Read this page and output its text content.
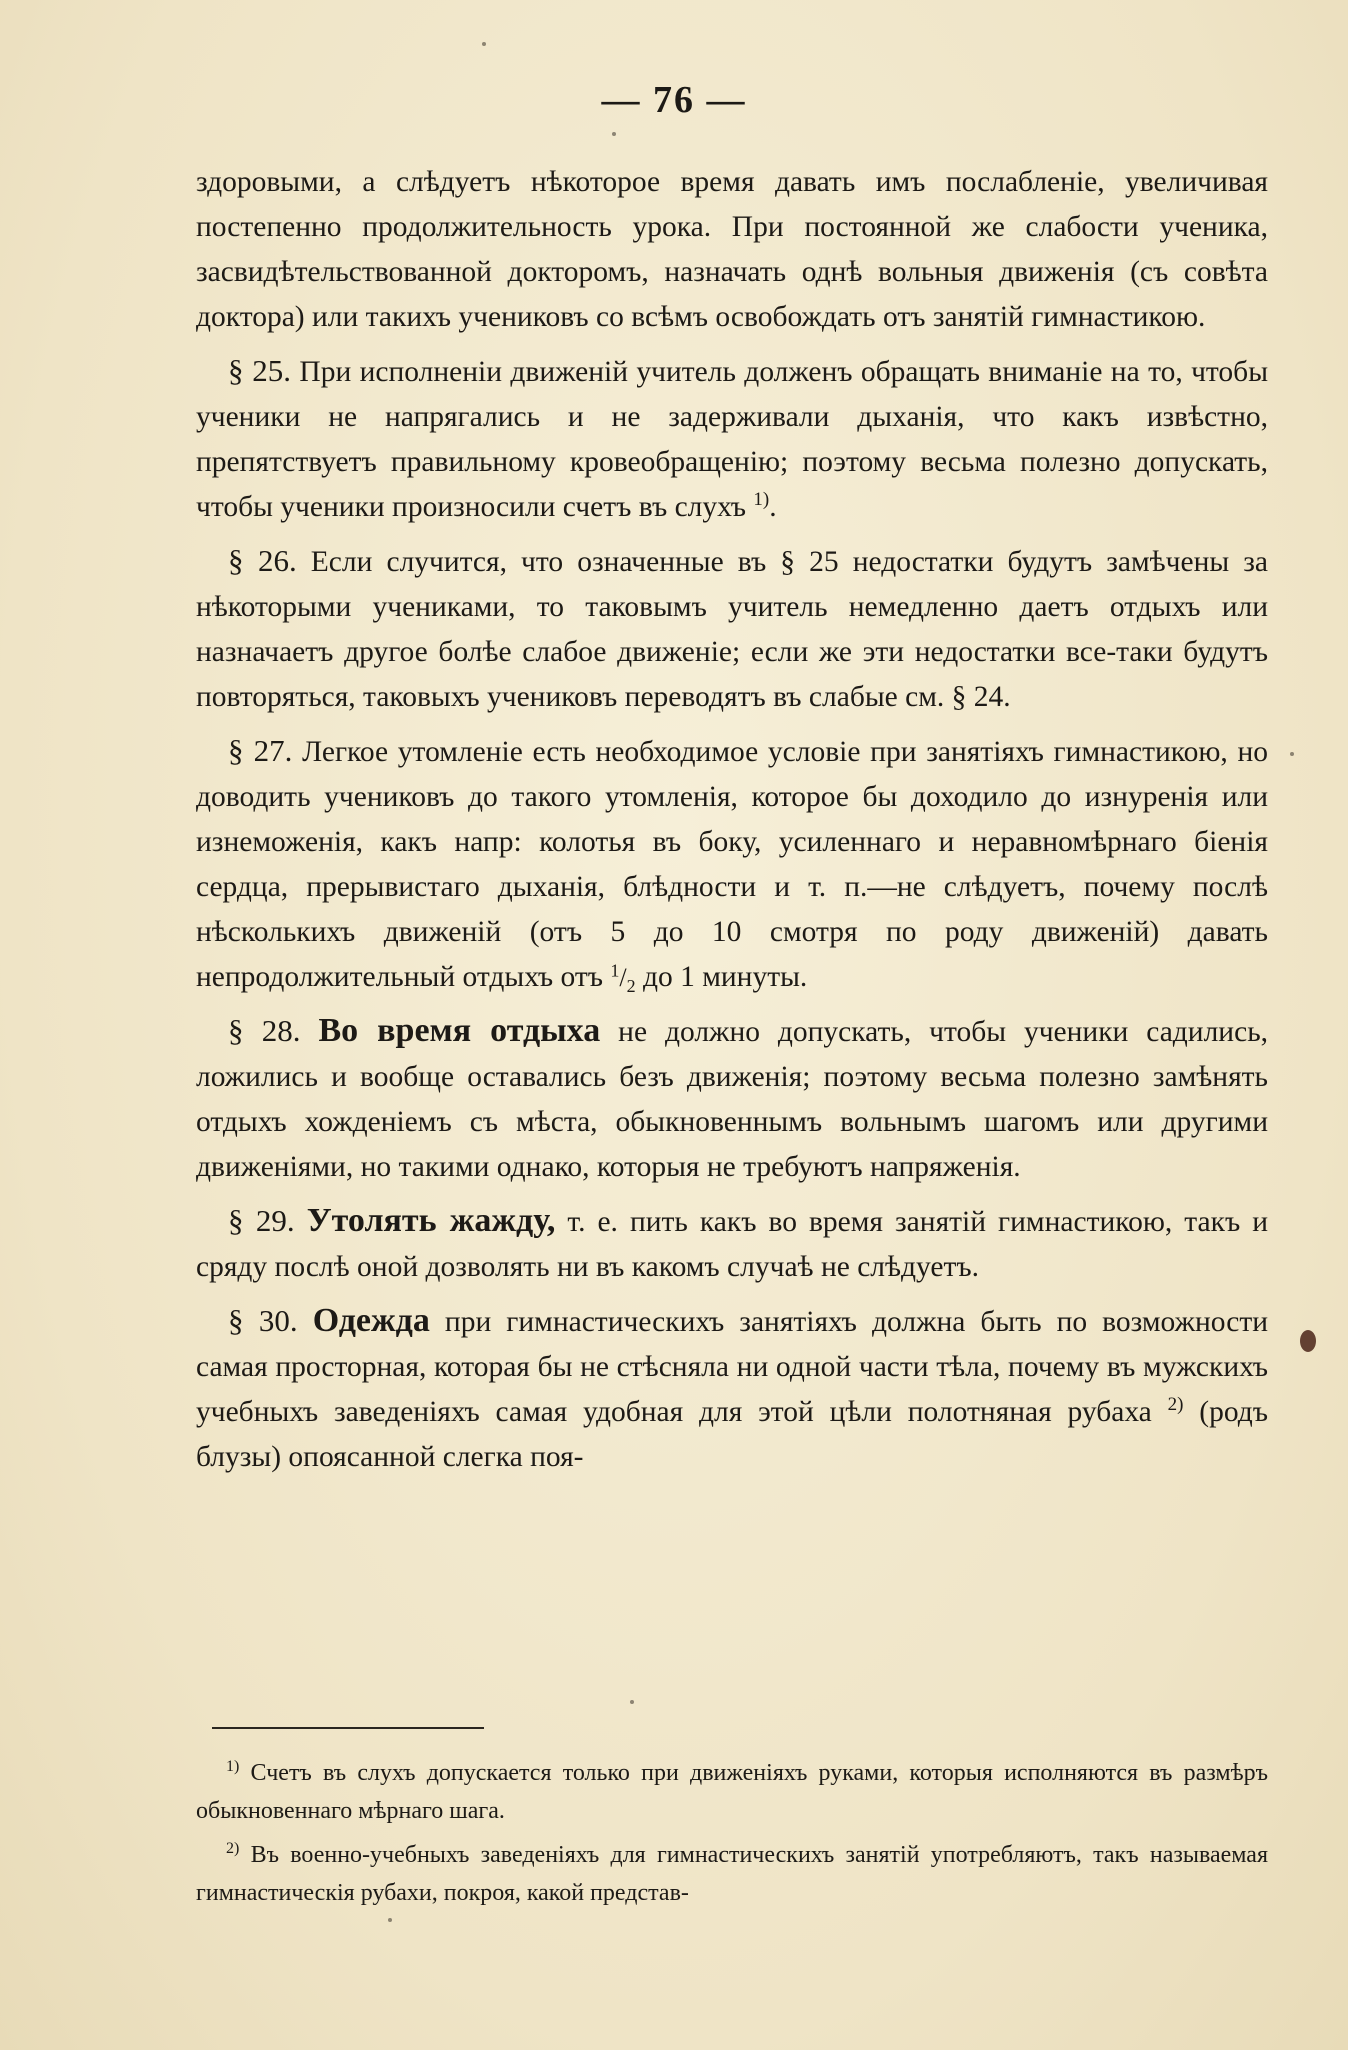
— 76 —

здоровыми, а слѣдуетъ нѣкоторое время давать имъ послабленіе, увеличивая постепенно продолжительность урока. При постоянной же слабости ученика, засвидѣтельствованной докторомъ, назначать однѣ вольныя движенія (съ совѣта доктора) или такихъ учениковъ со всѣмъ освобождать отъ занятій гимнастикою.

§ 25. При исполненіи движеній учитель долженъ обращать вниманіе на то, чтобы ученики не напрягались и не задерживали дыханія, что какъ извѣстно, препятствуетъ правильному кровеобращенію; поэтому весьма полезно допускать, чтобы ученики произносили счетъ въ слухъ $^{1)}$.

§ 26. Если случится, что означенные въ § 25 недостатки будутъ замѣчены за нѣкоторыми учениками, то таковымъ учитель немедленно даетъ отдыхъ или назначаетъ другое болѣе слабое движеніе; если же эти недостатки все-таки будутъ повторяться, таковыхъ учениковъ переводятъ въ слабые см. § 24.

§ 27. Легкое утомленіе есть необходимое условіе при занятіяхъ гимнастикою, но доводить учениковъ до такого утомленія, которое бы доходило до изнуренія или изнеможенія, какъ напр: колотья въ боку, усиленнаго и неравномѣрнаго біенія сердца, прерывистаго дыханія, блѣдности и т. п.—не слѣдуетъ, почему послѣ нѣсколькихъ движеній (отъ 5 до 10 смотря по роду движеній) давать непродолжительный отдыхъ отъ $^1/_2$ до 1 минуты.

§ 28. Во время отдыха не должно допускать, чтобы ученики садились, ложились и вообще оставались безъ движенія; поэтому весьма полезно замѣнять отдыхъ хожденіемъ съ мѣста, обыкновеннымъ вольнымъ шагомъ или другими движеніями, но такими однако, которыя не требуютъ напряженія.

§ 29. Утолять жажду, т. е. пить какъ во время занятій гимнастикою, такъ и сряду послѣ оной дозволять ни въ какомъ случаѣ не слѣдуетъ.

§ 30. Одежда при гимнастическихъ занятіяхъ должна быть по возможности самая просторная, которая бы не стѣсняла ни одной части тѣла, почему въ мужскихъ учебныхъ заведеніяхъ самая удобная для этой цѣли полотняная рубаха $^{2)}$ (родъ блузы) опоясанной слегка поя-

$^{1)}$ Счетъ въ слухъ допускается только при движеніяхъ руками, которыя исполняются въ размѣръ обыкновеннаго мѣрнаго шага.

$^{2)}$ Въ военно-учебныхъ заведеніяхъ для гимнастическихъ занятій употребляютъ, такъ называемая гимнастическія рубахи, покроя, какой представ-
